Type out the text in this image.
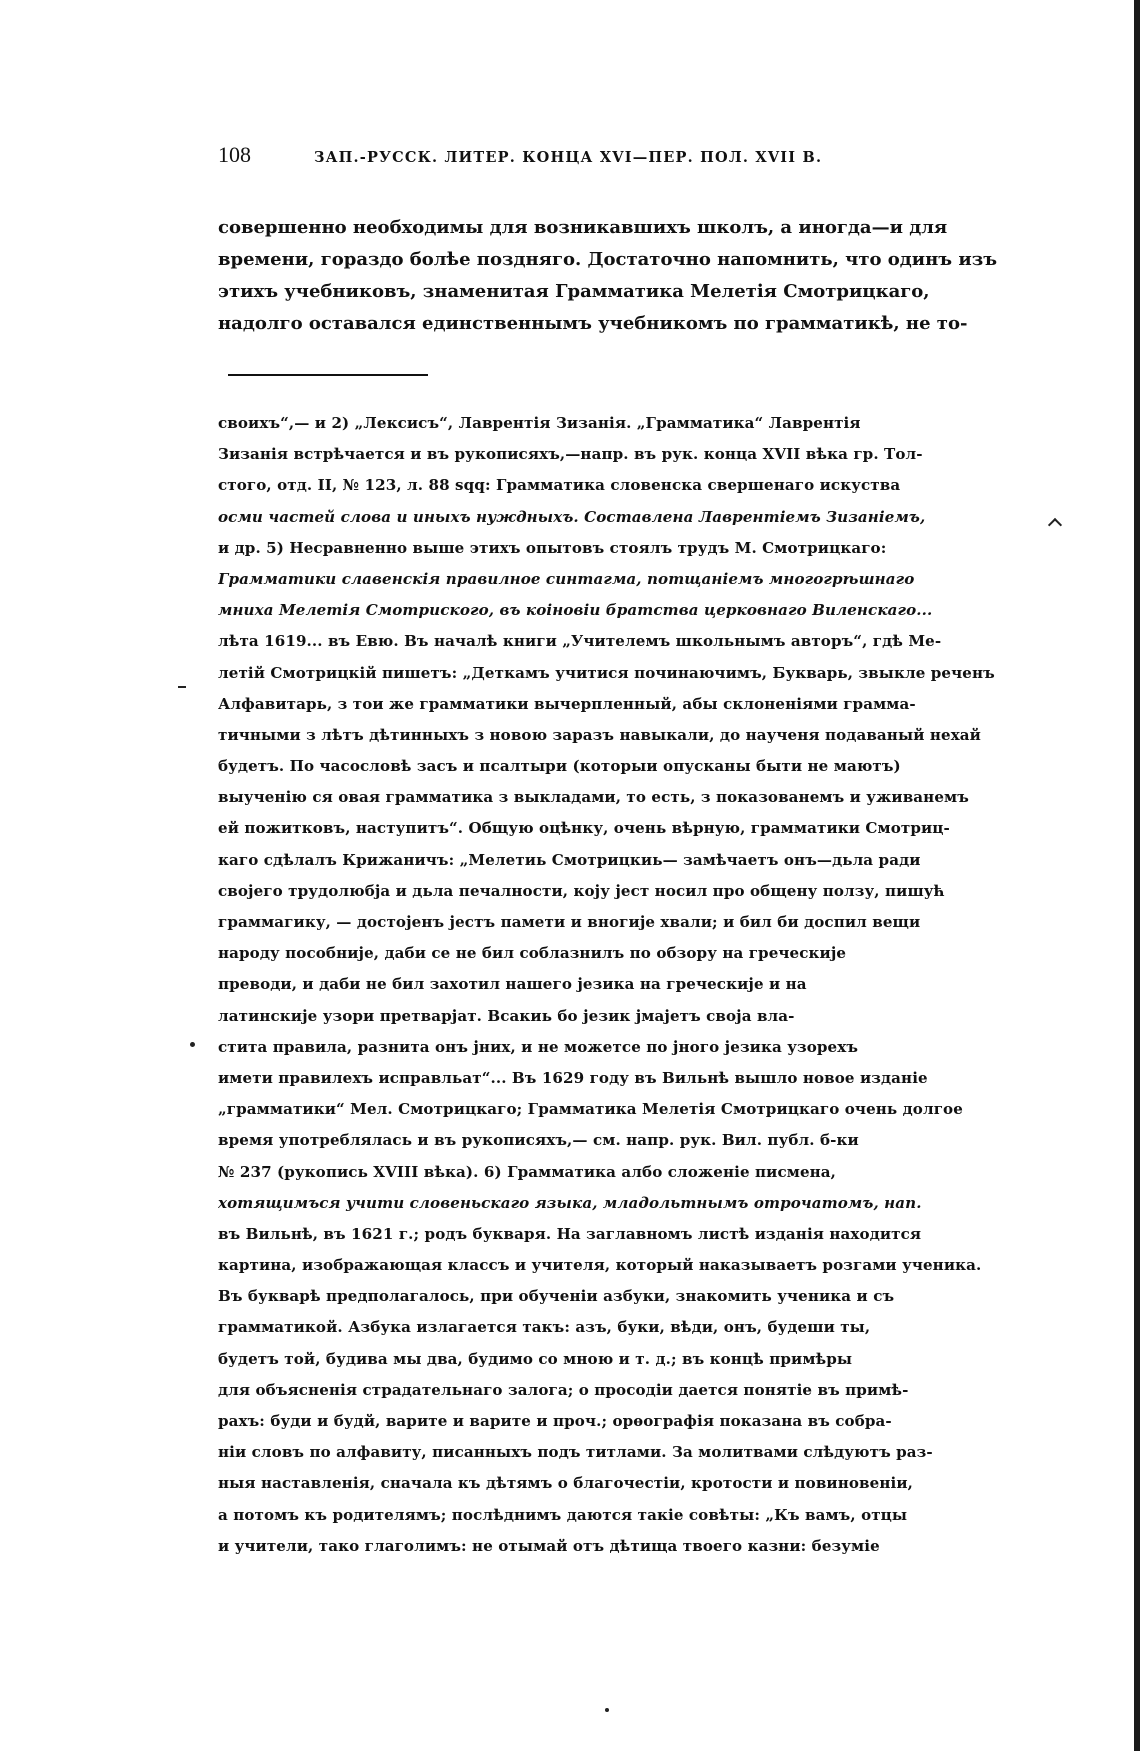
108	ЗАП.-РУССК. ЛИТЕР. КОНЦА XVI—ПЕР. ПОЛ. XVII В.
совершенно необходимы для возникавшихъ школъ, а иногда—и для
времени, гораздо болѣе поздняго. Достаточно напомнить, что одинъ изъ
этихъ учебниковъ, знаменитая Грамматика Мелетія Смотрицкаго,
надолго оставался единственнымъ учебникомъ по грамматикѣ, не то-
своихъ“,— и 2) „Лексисъ“, Лаврентія Зизанія. „Грамматика“ Лаврентія
Зизанія встрѣчается и въ рукописяхъ,—напр. въ рук. конца XVII вѣка гр. Тол-
стого, отд. II, № 123, л. 88 sqq: Грамматика словенска свершенаго искуства
осми частей слова и иныхъ нуждныхъ. Составлена Лаврентіемъ Зизаніемъ,
и др. 5) Несравненно выше этихъ опытовъ стоялъ трудъ М. Смотрицкаго:
Грамматики славенскія правилное синтагма, потщаніемъ многогрѣшнаго
мниха Мелетія Смотриского, въ коіновіи братства церковнаго Виленскаго...
лѣта 1619... въ Евю. Въ началѣ книги „Учителемъ школьнымъ авторъ“, гдѣ Ме-
летій Смотрицкій пишетъ: „Деткамъ учитися починаючимъ, Букварь, звыкле реченъ
Алфавитарь, з тои же грамматики вычерпленный, абы склоненіями грамма-
тичными з лѣтъ дѣтинныхъ з новою заразъ навыкали, до наученя подаваный нехай
будетъ. По часословѣ засъ и псалтыри (которыи опусканы быти не маютъ)
выученію ся овая грамматика з выкладами, то есть, з показованемъ и уживанемъ
ей пожитковъ, наступитъ“. Общую оцѣнку, очень вѣрную, грамматики Смотриц-
каго сдѣлалъ Крижаничъ: „Мелетиь Смотрицкиь— замѣчаетъ онъ—дьла ради
својего трудолюбја и дьла печалности, коју јест носил про общену ползу, пишућ
граммагику, — достојенъ јестъ памети и вногије хвали; и бил би доспил вещи
народу пособније, даби се не бил соблазнилъ по обзору на греческије
преводи, и даби не бил захотил нашего језика на греческије и на
латинскије узори претварјат. Всакиь бо језик јмајетъ своја вла-
стита правила, разнита онъ јних, и не можетсе по јного језика узорехъ
имети правилехъ исправльат“... Въ 1629 году въ Вильнѣ вышло новое изданіе
„грамматики“ Мел. Смотрицкаго; Грамматика Мелетія Смотрицкаго очень долгое
время употреблялась и въ рукописяхъ,— см. напр. рук. Вил. публ. б-ки
№ 237 (рукопись XVIII вѣка). 6) Грамматика албо сложеніе писмена,
хотящимъся учити словеньскаго языка, младольтнымъ отрочатомъ, нап.
въ Вильнѣ, въ 1621 г.; родъ букваря. На заглавномъ листѣ изданія находится
картина, изображающая классъ и учителя, который наказываетъ розгами ученика.
Въ букварѣ предполагалось, при обученіи азбуки, знакомить ученика и съ
грамматикой. Азбука излагается такъ: азъ, буки, вѣди, онъ, будеши ты,
будетъ той, будива мы два, будимо со мною и т. д.; въ концѣ примѣры
для объясненія страдательнаго залога; о просодіи дается понятіе въ примѣ-
рахъ: буди и будй, варите и варите и проч.; орѳографія показана въ собра-
ніи словъ по алфавиту, писанныхъ подъ титлами. За молитвами слѣдуютъ раз-
ныя наставленія, сначала къ дѣтямъ о благочестіи, кротости и повиновеніи,
а потомъ къ родителямъ; послѣднимъ даются такіе совѣты: „Къ вамъ, отцы
и учители, тако глаголимъ: не отымай отъ дѣтища твоего казни: безуміе
